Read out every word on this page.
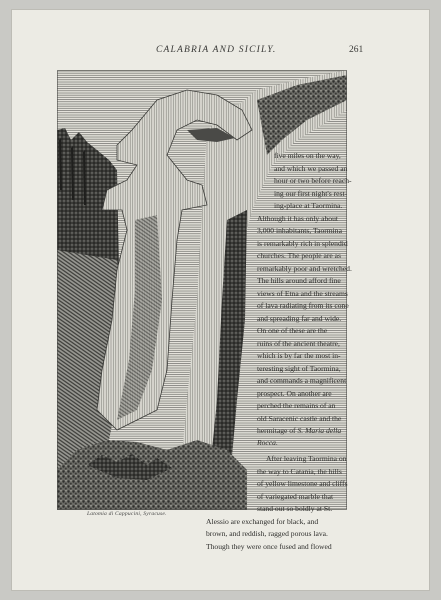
CALABRIA AND SICILY.	261
Latomia di Cappucini, Syracuse.
five miles on the way,
and which we passed an
hour or two before reach-
ing our first night's rest-
ing-place at Taormina.
Although it has only about
3,000 inhabitants, Taormina
is remarkably rich in splendid
churches. The people are as
remarkably poor and wretched.
The hills around afford fine
views of Etna and the streams
of lava radiating from its cone
and spreading far and wide.
On one of these are the
ruins of the ancient theatre,
which is by far the most in-
teresting sight of Taormina,
and commands a magnificent
prospect. On another are
perched the remains of an
old Saracenic castle and the
hermitage of S. Maria della
Rocca.
After leaving Taormina on
the way to Catania, the hills
of yellow limestone and cliffs
of variegated marble that
stand out so boldly at St.
Alessio are exchanged for black, and
brown, and reddish, ragged porous lava.
Though they were once fused and flowed
